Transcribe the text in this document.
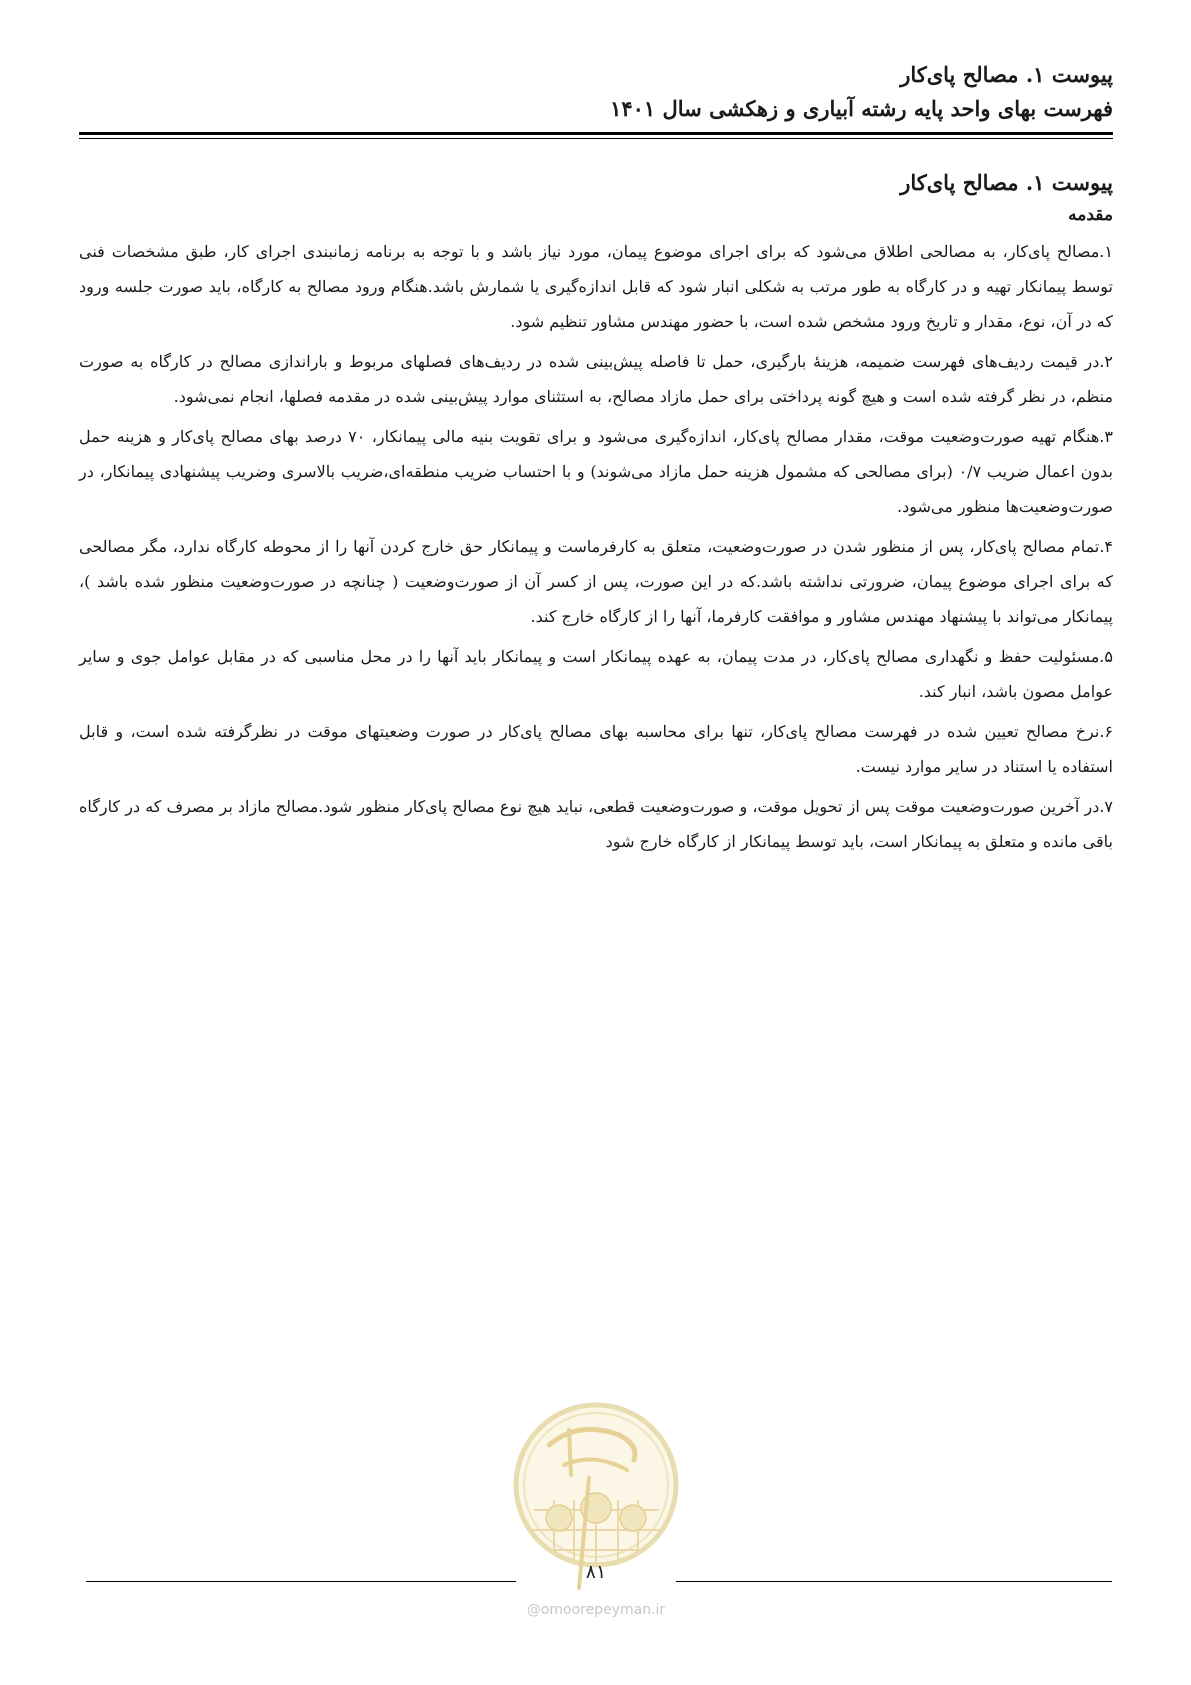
پیوست ۱. مصالح پای‌کار
فهرست بهای واحد پایه رشته آبیاری و زهکشی سال ۱۴۰۱
پیوست ۱. مصالح پای‌کار
مقدمه

۱.مصالح پای‌کار، به مصالحی اطلاق می‌شود که برای اجرای موضوع پیمان، مورد نیاز باشد و با توجه به برنامه زمانبندی اجرای کار، طبق مشخصات فنی توسط پیمانکار تهیه و در کارگاه به طور مرتب به شکلی انبار شود که قابل اندازه‌گیری یا شمارش باشد.هنگام ورود مصالح به کارگاه، باید صورت جلسه ورود که در آن، نوع، مقدار و تاریخ ورود مشخص شده است، با حضور مهندس مشاور تنظیم شود.

۲.در قیمت ردیف‌های فهرست ضمیمه، هزینهٔ بارگیری، حمل تا فاصله پیش‌بینی شده در ردیف‌های فصلهای مربوط و باراندازی مصالح در کارگاه به صورت منظم، در نظر گرفته شده است و هیچ گونه پرداختی برای حمل مازاد مصالح، به استثنای موارد پیش‌بینی شده در مقدمه فصلها، انجام نمی‌شود.

۳.هنگام تهیه صورت‌وضعیت موقت، مقدار مصالح پای‌کار، اندازه‌گیری می‌شود و برای تقویت بنیه مالی پیمانکار، ۷۰ درصد بهای مصالح پای‌کار و هزینه حمل بدون اعمال ضریب ۰/۷ (برای مصالحی که مشمول هزینه حمل مازاد می‌شوند) و با احتساب ضریب منطقه‌ای،ضریب بالاسری وضریب پیشنهادی پیمانکار، در صورت‌وضعیت‌ها منظور می‌شود.

۴.تمام مصالح پای‌کار، پس از منظور شدن در صورت‌وضعیت، متعلق به کارفرماست و پیمانکار حق خارج کردن آنها را از محوطه کارگاه ندارد، مگر مصالحی که برای اجرای موضوع پیمان، ضرورتی نداشته باشد.که در این صورت، پس از کسر آن از صورت‌وضعیت ( چنانچه در صورت‌وضعیت منظور شده باشد )، پیمانکار می‌تواند با پیشنهاد مهندس مشاور و موافقت کارفرما، آنها را از کارگاه خارج کند.

۵.مسئولیت حفظ و نگهداری مصالح پای‌کار، در مدت پیمان، به عهده پیمانکار است و پیمانکار باید آنها را در محل مناسبی که در مقابل عوامل جوی و سایر عوامل مصون باشد، انبار کند.

۶.نرخ مصالح تعیین شده در فهرست مصالح پای‌کار، تنها برای محاسبه بهای مصالح پای‌کار در صورت وضعیتهای موقت در نظرگرفته شده است، و قابل استفاده یا استناد در سایر موارد نیست.

۷.در آخرین صورت‌وضعیت موقت پس از تحویل موقت، و صورت‌وضعیت قطعی، نباید هیچ نوع مصالح پای‌کار منظور شود.مصالح مازاد بر مصرف که در کارگاه باقی مانده و متعلق به پیمانکار است، باید توسط پیمانکار از کارگاه خارج شود

۸۱
@omoorepeyman.ir
